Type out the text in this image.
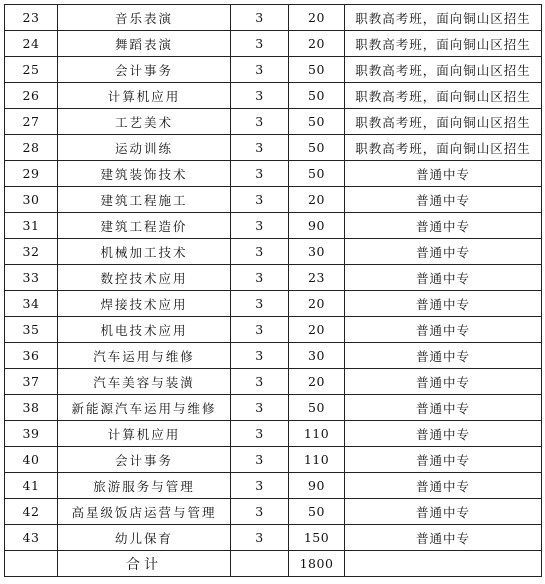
23	音乐表演	3	20	职教高考班，面向铜山区招生
24	舞蹈表演	3	20	职教高考班，面向铜山区招生
25	会计事务	3	50	职教高考班，面向铜山区招生
26	计算机应用	3	50	职教高考班，面向铜山区招生
27	工艺美术	3	50	职教高考班，面向铜山区招生
28	运动训练	3	50	职教高考班，面向铜山区招生
29	建筑装饰技术	3	50	普通中专
30	建筑工程施工	3	20	普通中专
31	建筑工程造价	3	90	普通中专
32	机械加工技术	3	30	普通中专
33	数控技术应用	3	23	普通中专
34	焊接技术应用	3	20	普通中专
35	机电技术应用	3	20	普通中专
36	汽车运用与维修	3	30	普通中专
37	汽车美容与装潢	3	20	普通中专
38	新能源汽车运用与维修	3	50	普通中专
39	计算机应用	3	110	普通中专
40	会计事务	3	110	普通中专
41	旅游服务与管理	3	90	普通中专
42	高星级饭店运营与管理	3	50	普通中专
43	幼儿保育	3	150	普通中专
	合计		1800	
